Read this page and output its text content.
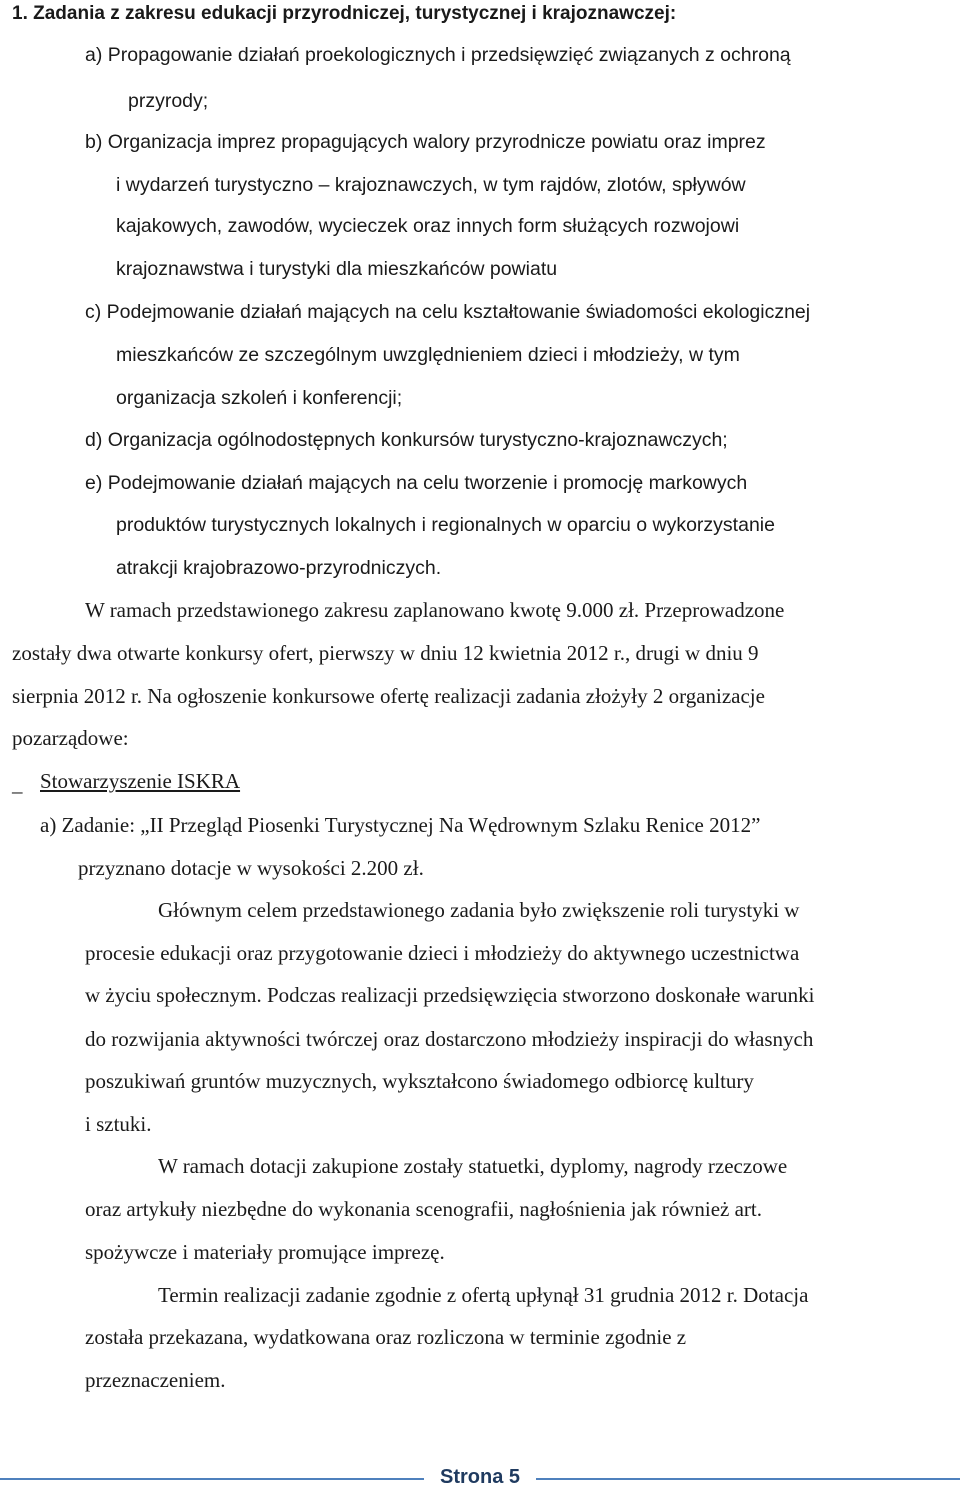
1. Zadania z zakresu edukacji przyrodniczej, turystycznej i krajoznawczej:
a) Propagowanie działań proekologicznych i przedsięwzięć związanych z ochroną
przyrody;
b) Organizacja imprez propagujących walory przyrodnicze powiatu oraz imprez
i wydarzeń turystyczno – krajoznawczych, w tym rajdów, zlotów, spływów
kajakowych, zawodów, wycieczek oraz innych form służących rozwojowi
krajoznawstwa i turystyki dla mieszkańców powiatu
c) Podejmowanie działań mających na celu kształtowanie świadomości ekologicznej
mieszkańców ze szczególnym uwzględnieniem dzieci i młodzieży, w tym
organizacja szkoleń i konferencji;
d) Organizacja ogólnodostępnych konkursów turystyczno-krajoznawczych;
e) Podejmowanie działań mających na celu tworzenie i promocję markowych
produktów turystycznych lokalnych i regionalnych w oparciu o wykorzystanie
atrakcji krajobrazowo-przyrodniczych.
W ramach przedstawionego zakresu zaplanowano kwotę 9.000 zł. Przeprowadzone
zostały dwa otwarte konkursy ofert, pierwszy w dniu 12 kwietnia 2012 r., drugi w dniu 9
sierpnia 2012 r. Na ogłoszenie konkursowe ofertę realizacji zadania złożyły 2 organizacje
pozarządowe:
– Stowarzyszenie ISKRA
a) Zadanie: „II Przegląd Piosenki Turystycznej Na Wędrownym Szlaku Renice 2012”
przyznano dotacje w wysokości 2.200 zł.
Głównym celem przedstawionego zadania było zwiększenie roli turystyki w
procesie edukacji oraz przygotowanie dzieci i młodzieży do aktywnego uczestnictwa
w życiu społecznym. Podczas realizacji przedsięwzięcia stworzono doskonałe warunki
do rozwijania aktywności twórczej oraz dostarczono młodzieży inspiracji do własnych
poszukiwań gruntów muzycznych, wykształcono świadomego odbiorcę kultury
i sztuki.
W ramach dotacji zakupione zostały statuetki, dyplomy, nagrody rzeczowe
oraz artykuły niezbędne do wykonania scenografii, nagłośnienia jak również art.
spożywcze i materiały promujące imprezę.
Termin realizacji zadanie zgodnie z ofertą upłynął 31 grudnia 2012 r. Dotacja
została przekazana, wydatkowana oraz rozliczona w terminie zgodnie z
przeznaczeniem.
Strona 5
